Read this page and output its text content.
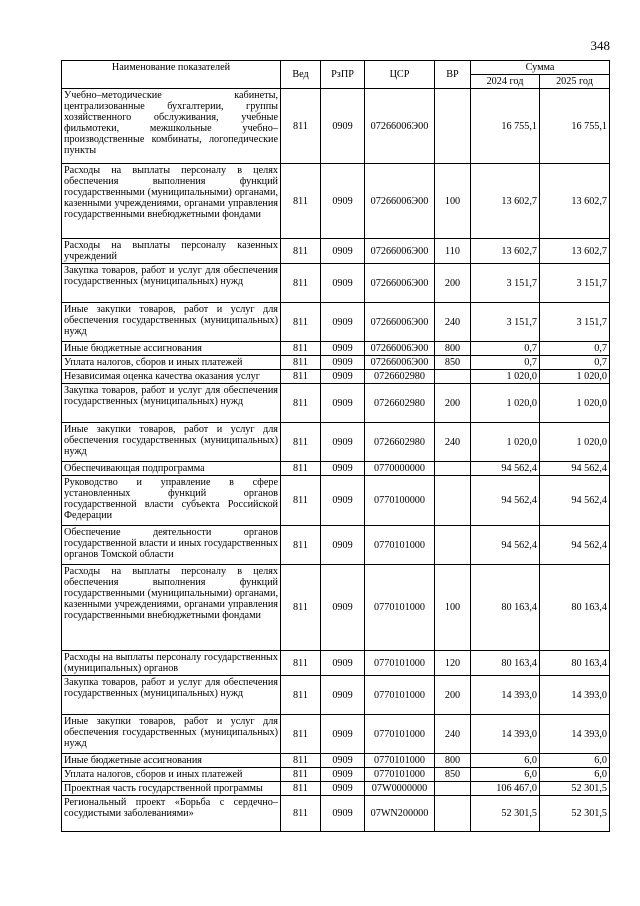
348
Наименование показателей	Вед	РзПР	ЦСР	ВР	Сумма	
					2024 год	2025 год
Учебно–методические кабинеты, централизованные бухгалтерии, группы хозяйственного обслуживания, учебные фильмотеки, межшкольные учебно–производственные комбинаты, логопедические пункты	811	0909	07266006Э00		16 755,1	16 755,1
Расходы на выплаты персоналу в целях обеспечения выполнения функций государственными (муниципальными) органами, казенными учреждениями, органами управления государственными внебюджетными фондами	811	0909	07266006Э00	100	13 602,7	13 602,7
Расходы на выплаты персоналу казенных учреждений	811	0909	07266006Э00	110	13 602,7	13 602,7
Закупка товаров, работ и услуг для обеспечения государственных (муниципальных) нужд	811	0909	07266006Э00	200	3 151,7	3 151,7
Иные закупки товаров, работ и услуг для обеспечения государственных (муниципальных) нужд	811	0909	07266006Э00	240	3 151,7	3 151,7
Иные бюджетные ассигнования	811	0909	07266006Э00	800	0,7	0,7
Уплата налогов, сборов и иных платежей	811	0909	07266006Э00	850	0,7	0,7
Независимая оценка качества оказания услуг	811	0909	0726602980		1 020,0	1 020,0
Закупка товаров, работ и услуг для обеспечения государственных (муниципальных) нужд	811	0909	0726602980	200	1 020,0	1 020,0
Иные закупки товаров, работ и услуг для обеспечения государственных (муниципальных) нужд	811	0909	0726602980	240	1 020,0	1 020,0
Обеспечивающая подпрограмма	811	0909	0770000000		94 562,4	94 562,4
Руководство и управление в сфере установленных функций органов государственной власти субъекта Российской Федерации	811	0909	0770100000		94 562,4	94 562,4
Обеспечение деятельности органов государственной власти и иных государственных органов Томской области	811	0909	0770101000		94 562,4	94 562,4
Расходы на выплаты персоналу в целях обеспечения выполнения функций государственными (муниципальными) органами, казенными учреждениями, органами управления государственными внебюджетными фондами	811	0909	0770101000	100	80 163,4	80 163,4
Расходы на выплаты персоналу государственных (муниципальных) органов	811	0909	0770101000	120	80 163,4	80 163,4
Закупка товаров, работ и услуг для обеспечения государственных (муниципальных) нужд	811	0909	0770101000	200	14 393,0	14 393,0
Иные закупки товаров, работ и услуг для обеспечения государственных (муниципальных) нужд	811	0909	0770101000	240	14 393,0	14 393,0
Иные бюджетные ассигнования	811	0909	0770101000	800	6,0	6,0
Уплата налогов, сборов и иных платежей	811	0909	0770101000	850	6,0	6,0
Проектная часть государственной программы	811	0909	07W0000000		106 467,0	52 301,5
Региональный проект «Борьба с сердечно–сосудистыми заболеваниями»	811	0909	07WN200000		52 301,5	52 301,5
